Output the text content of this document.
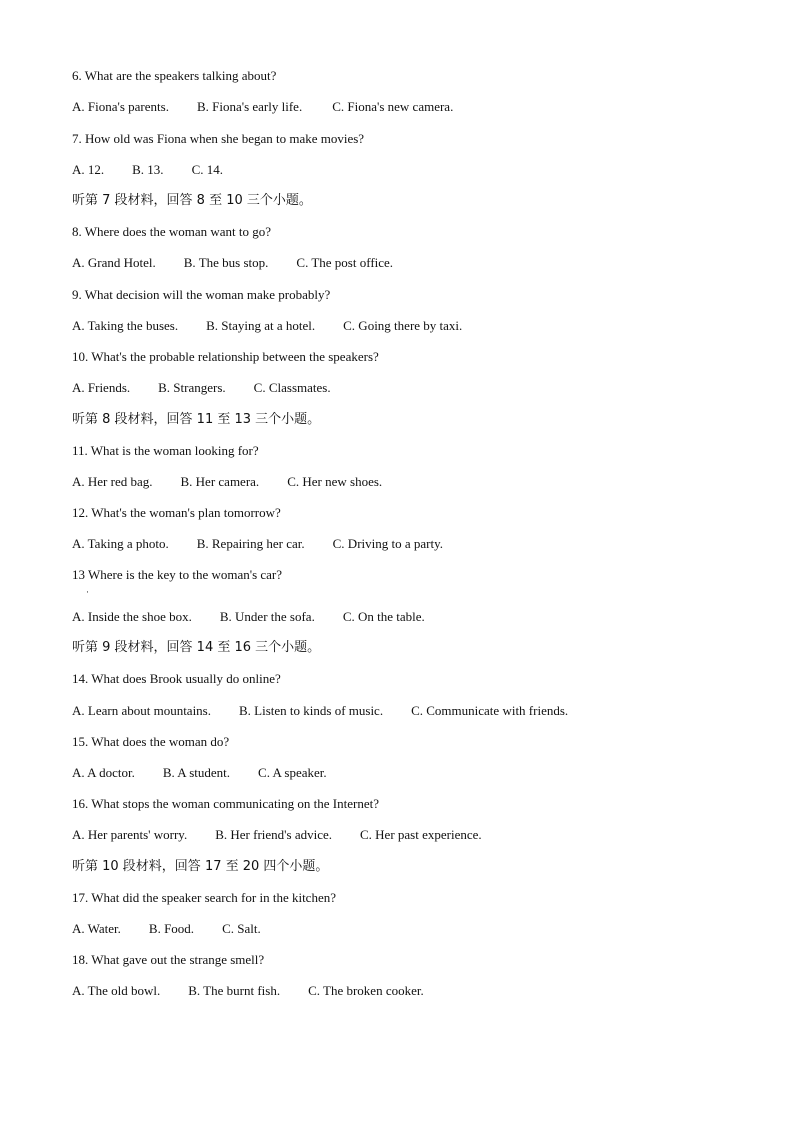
6. What are the speakers talking about?
A. Fiona's parents. B. Fiona's early life. C. Fiona's new camera.
7. How old was Fiona when she began to make movies?
A. 12. B. 13. C. 14.
听第 7 段材料，回答 8 至 10 三个小题。
8. Where does the woman want to go?
A. Grand Hotel. B. The bus stop. C. The post office.
9. What decision will the woman make probably?
A. Taking the buses. B. Staying at a hotel. C. Going there by taxi.
10. What's the probable relationship between the speakers?
A. Friends. B. Strangers. C. Classmates.
听第 8 段材料，回答 11 至 13 三个小题。
11. What is the woman looking for?
A. Her red bag. B. Her camera. C. Her new shoes.
12. What's the woman's plan tomorrow?
A. Taking a photo. B. Repairing her car. C. Driving to a party.
13 Where is the key to the woman's car?
·
A. Inside the shoe box. B. Under the sofa. C. On the table.
听第 9 段材料，回答 14 至 16 三个小题。
14. What does Brook usually do online?
A. Learn about mountains. B. Listen to kinds of music. C. Communicate with friends.
15. What does the woman do?
A. A doctor. B. A student. C. A speaker.
16. What stops the woman communicating on the Internet?
A. Her parents' worry. B. Her friend's advice. C. Her past experience.
听第 10 段材料，回答 17 至 20 四个小题。
17. What did the speaker search for in the kitchen?
A. Water. B. Food. C. Salt.
18. What gave out the strange smell?
A. The old bowl. B. The burnt fish. C. The broken cooker.
